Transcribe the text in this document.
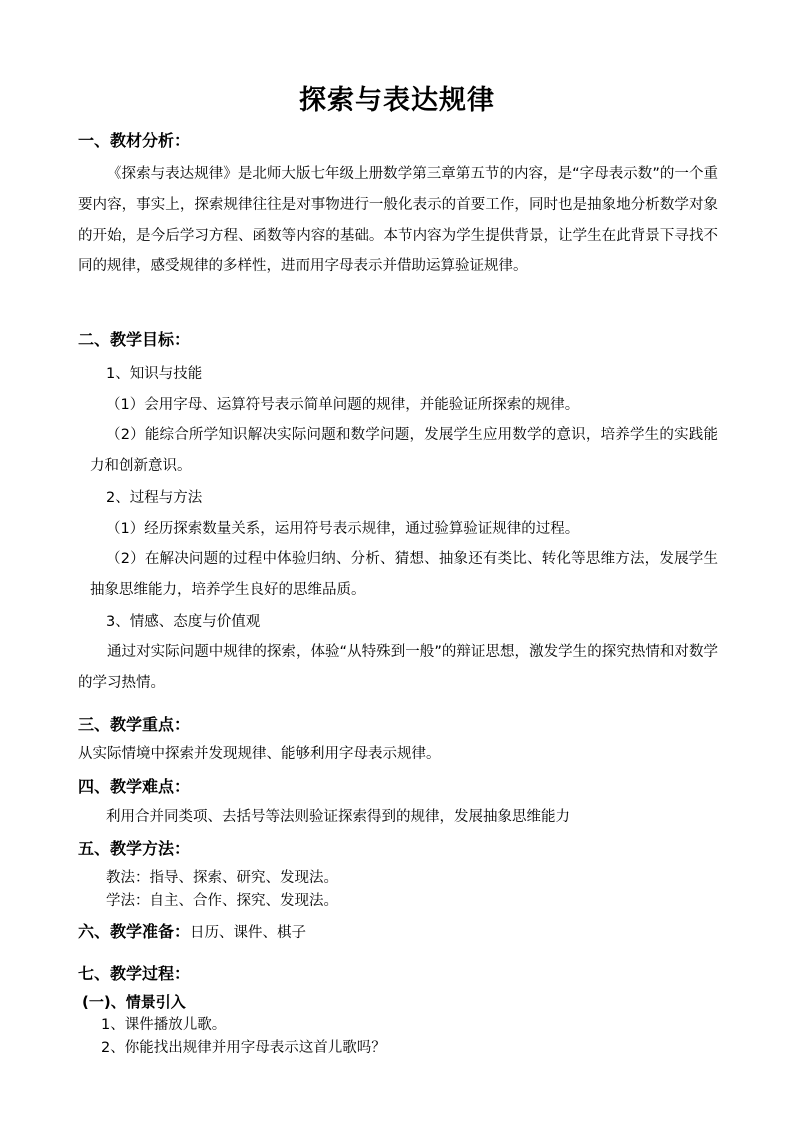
探索与表达规律
一、教材分析：
《探索与表达规律》是北师大版七年级上册数学第三章第五节的内容，是“字母表示数”的一个重要内容，事实上，探索规律往往是对事物进行一般化表示的首要工作，同时也是抽象地分析数学对象的开始，是今后学习方程、函数等内容的基础。本节内容为学生提供背景，让学生在此背景下寻找不同的规律，感受规律的多样性，进而用字母表示并借助运算验证规律。
二、教学目标：
1、知识与技能
（1）会用字母、运算符号表示简单问题的规律，并能验证所探索的规律。
（2）能综合所学知识解决实际问题和数学问题，发展学生应用数学的意识，培养学生的实践能力和创新意识。
2、过程与方法
（1）经历探索数量关系，运用符号表示规律，通过验算验证规律的过程。
（2）在解决问题的过程中体验归纳、分析、猜想、抽象还有类比、转化等思维方法，发展学生抽象思维能力，培养学生良好的思维品质。
3、情感、态度与价值观
通过对实际问题中规律的探索，体验“从特殊到一般”的辩证思想，激发学生的探究热情和对数学的学习热情。
三、教学重点：
从实际情境中探索并发现规律、能够利用字母表示规律。
四、教学难点：
利用合并同类项、去括号等法则验证探索得到的规律，发展抽象思维能力
五、教学方法：
教法：指导、探索、研究、发现法。
学法：自主、合作、探究、发现法。
六、教学准备：日历、课件、棋子
七、教学过程：
(一)、情景引入
1、课件播放儿歌。
2、你能找出规律并用字母表示这首儿歌吗？
